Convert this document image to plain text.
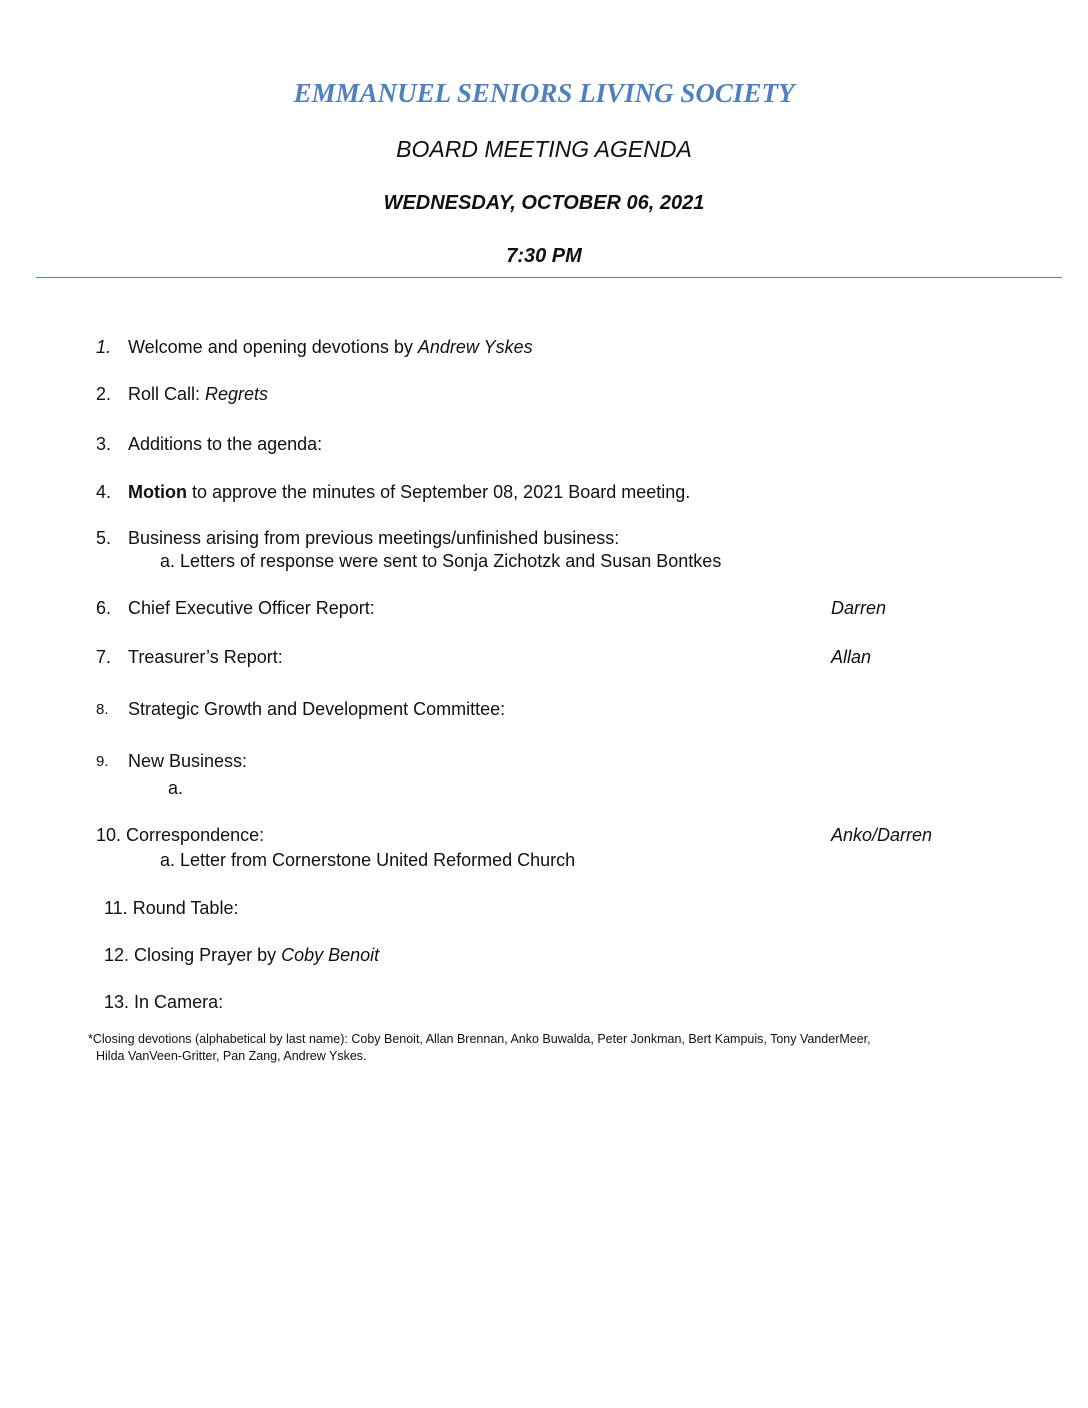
EMMANUEL SENIORS LIVING SOCIETY
BOARD MEETING AGENDA
WEDNESDAY, OCTOBER 06, 2021
7:30 PM
1. Welcome and opening devotions by Andrew Yskes
2. Roll Call: Regrets
3. Additions to the agenda:
4. Motion to approve the minutes of September 08, 2021 Board meeting.
5. Business arising from previous meetings/unfinished business:
a. Letters of response were sent to Sonja Zichotzk and Susan Bontkes
6. Chief Executive Officer Report:	Darren
7. Treasurer’s Report:	Allan
8. Strategic Growth and Development Committee:
9. New Business:
a.
10. Correspondence:	Anko/Darren
a. Letter from Cornerstone United Reformed Church
11. Round Table:
12. Closing Prayer by Coby Benoit
13. In Camera:
*Closing devotions (alphabetical by last name): Coby Benoit, Allan Brennan, Anko Buwalda, Peter Jonkman, Bert Kampuis, Tony VanderMeer,
Hilda VanVeen-Gritter, Pan Zang, Andrew Yskes.
